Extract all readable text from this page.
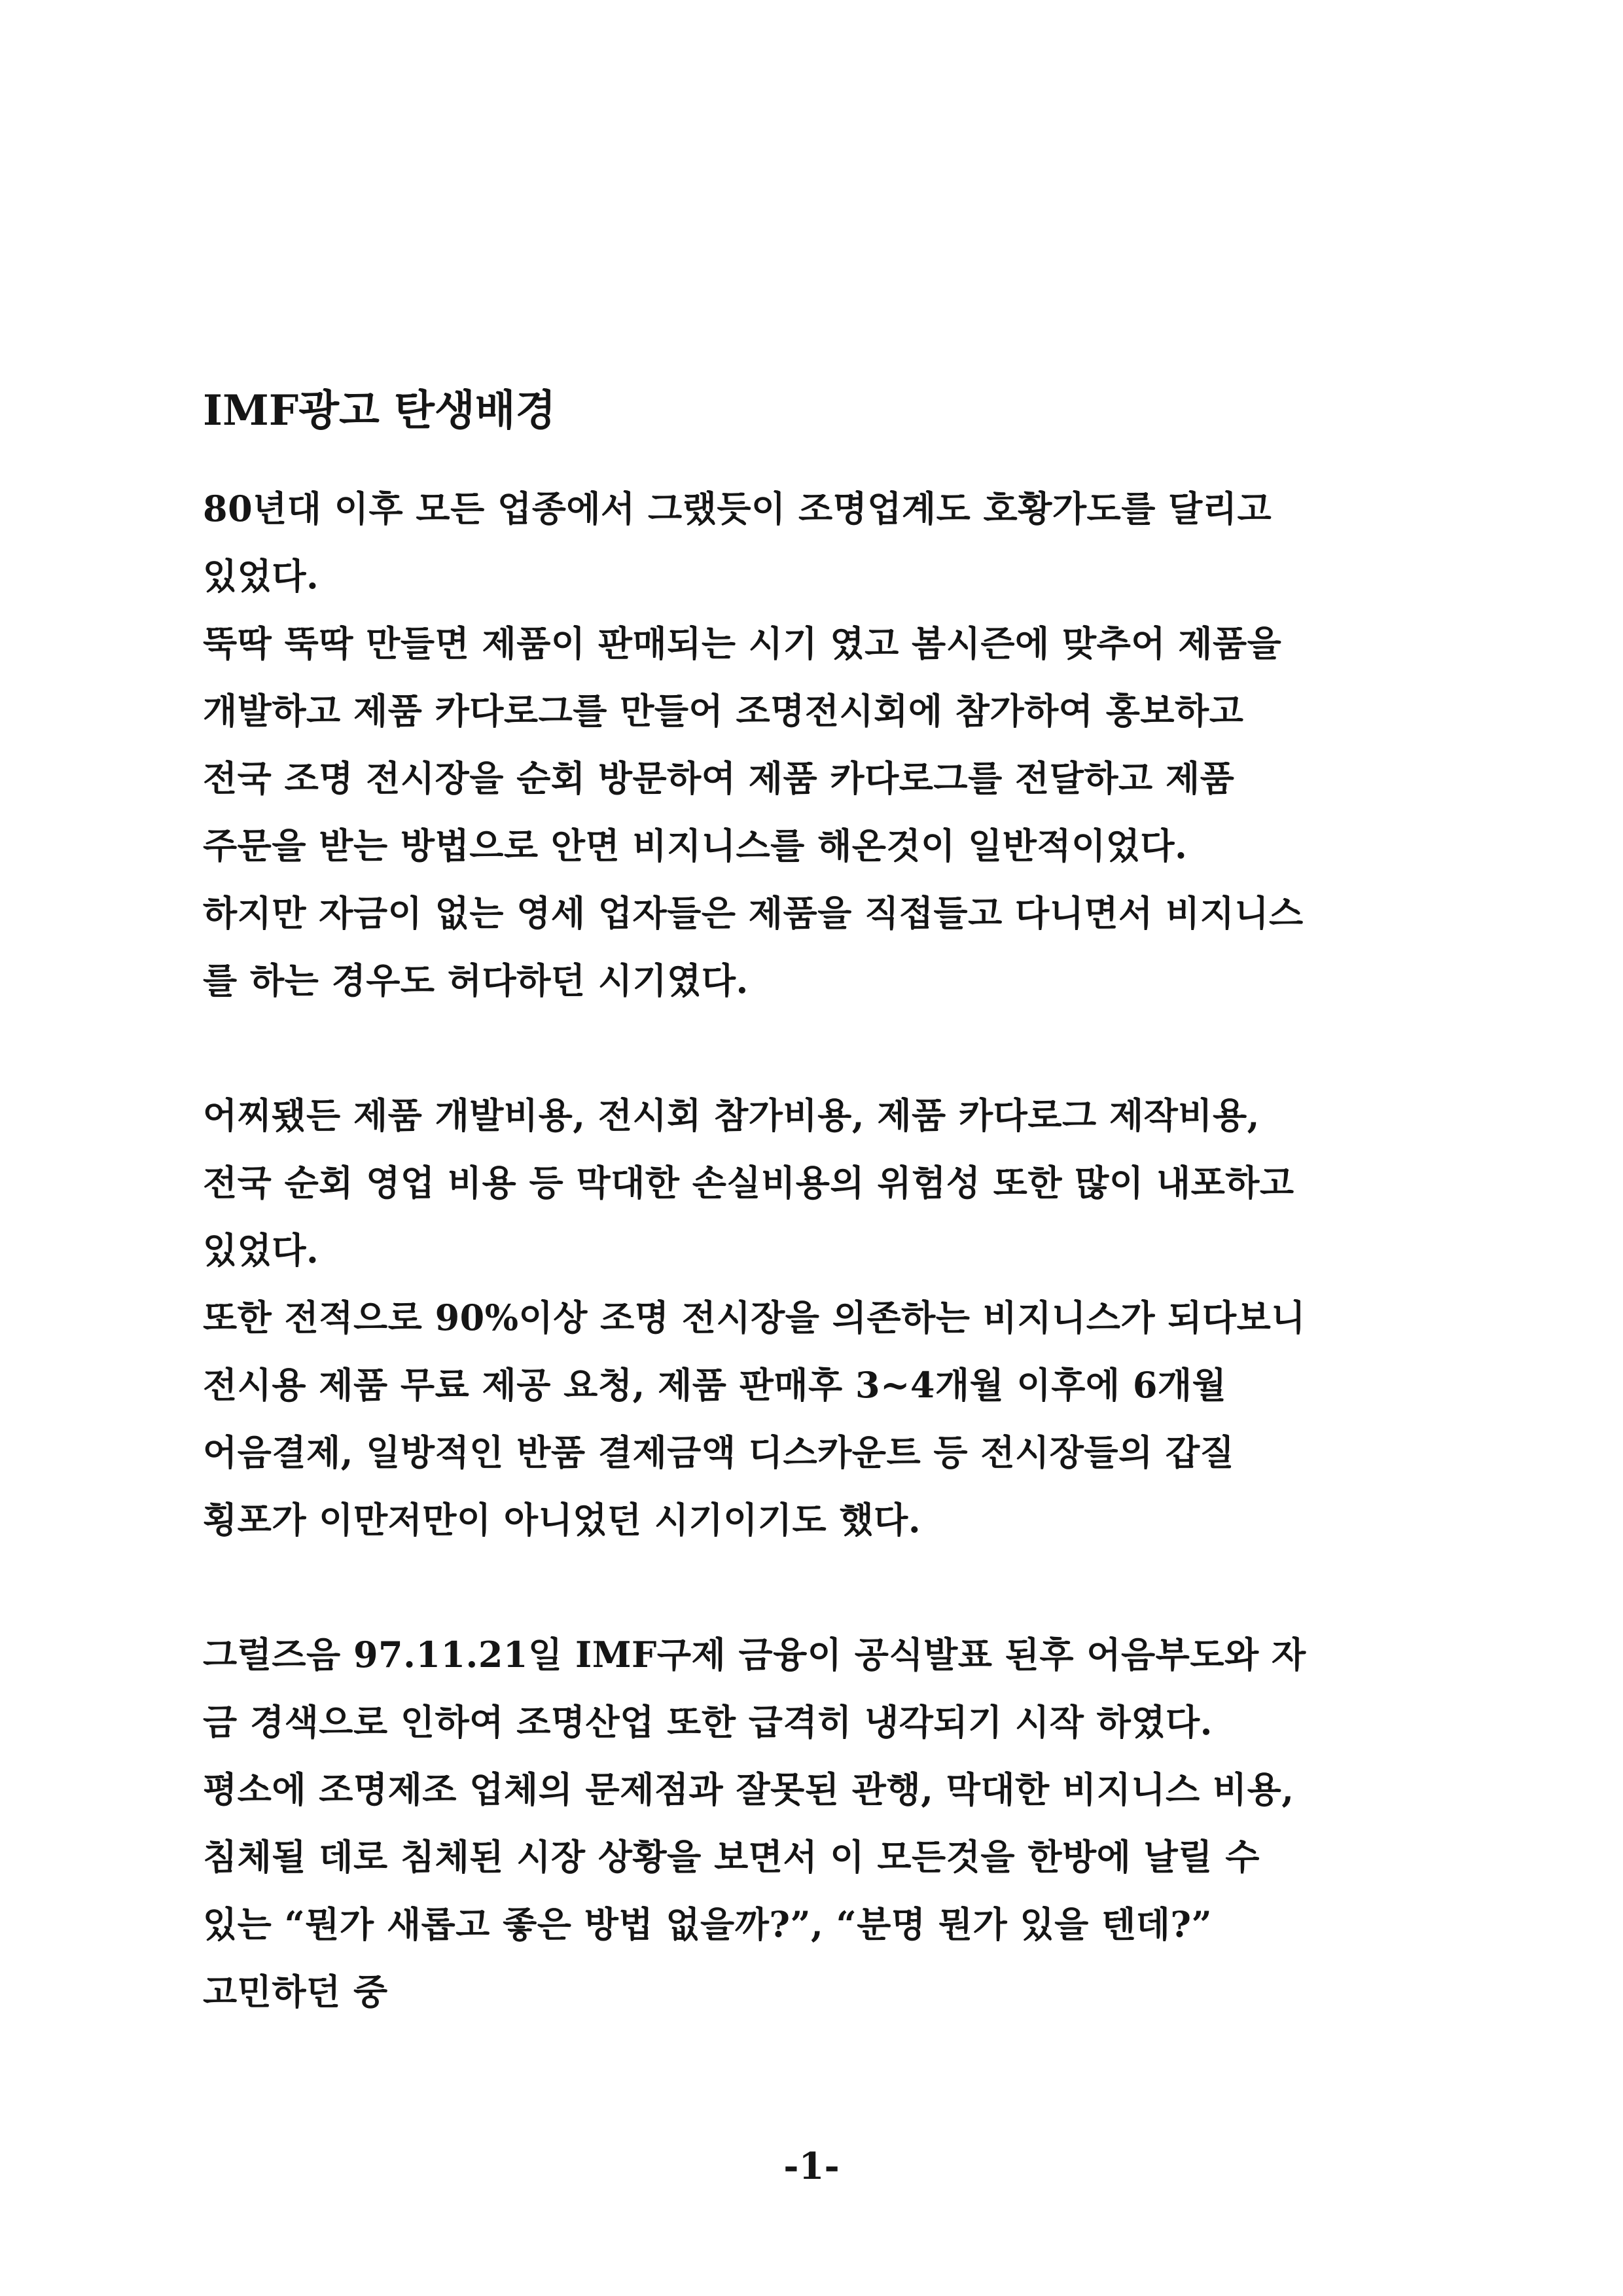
IMF광고 탄생배경

80년대 이후 모든 업종에서 그랬듯이 조명업계도 호황가도를 달리고
있었다.
뚝딱 뚝딱 만들면 제품이 판매되는 시기 였고 봄시즌에 맞추어 제품을
개발하고 제품 카다로그를 만들어 조명전시회에 참가하여 홍보하고
전국 조명 전시장을 순회 방문하여 제품 카다로그를 전달하고 제품
주문을 받는 방법으로 안면 비지니스를 해온것이 일반적이었다.
하지만 자금이 없는 영세 업자들은 제품을 직접들고 다니면서 비지니스
를 하는 경우도 허다하던 시기였다.

어찌됐든 제품 개발비용, 전시회 참가비용, 제품 카다로그 제작비용,
전국 순회 영업 비용 등 막대한 손실비용의 위험성 또한 많이 내포하고
있었다.
또한 전적으로 90%이상 조명 전시장을 의존하는 비지니스가 되다보니
전시용 제품 무료 제공 요청, 제품 판매후 3~4개월 이후에 6개월
어음결제, 일방적인 반품 결제금액 디스카운트 등 전시장들의 갑질
횡포가 이만저만이 아니었던 시기이기도 했다.

그럴즈음 97.11.21일 IMF구제 금융이 공식발표 된후 어음부도와 자
금 경색으로 인하여 조명산업 또한 급격히 냉각되기 시작 하였다.
평소에 조명제조 업체의 문제점과 잘못된 관행, 막대한 비지니스 비용,
침체될 데로 침체된 시장 상황을 보면서 이 모든것을 한방에 날릴 수
있는 “뭔가 새롭고 좋은 방법 없을까?”, “분명 뭔가 있을 텐데?”
고민하던 중

-1-
